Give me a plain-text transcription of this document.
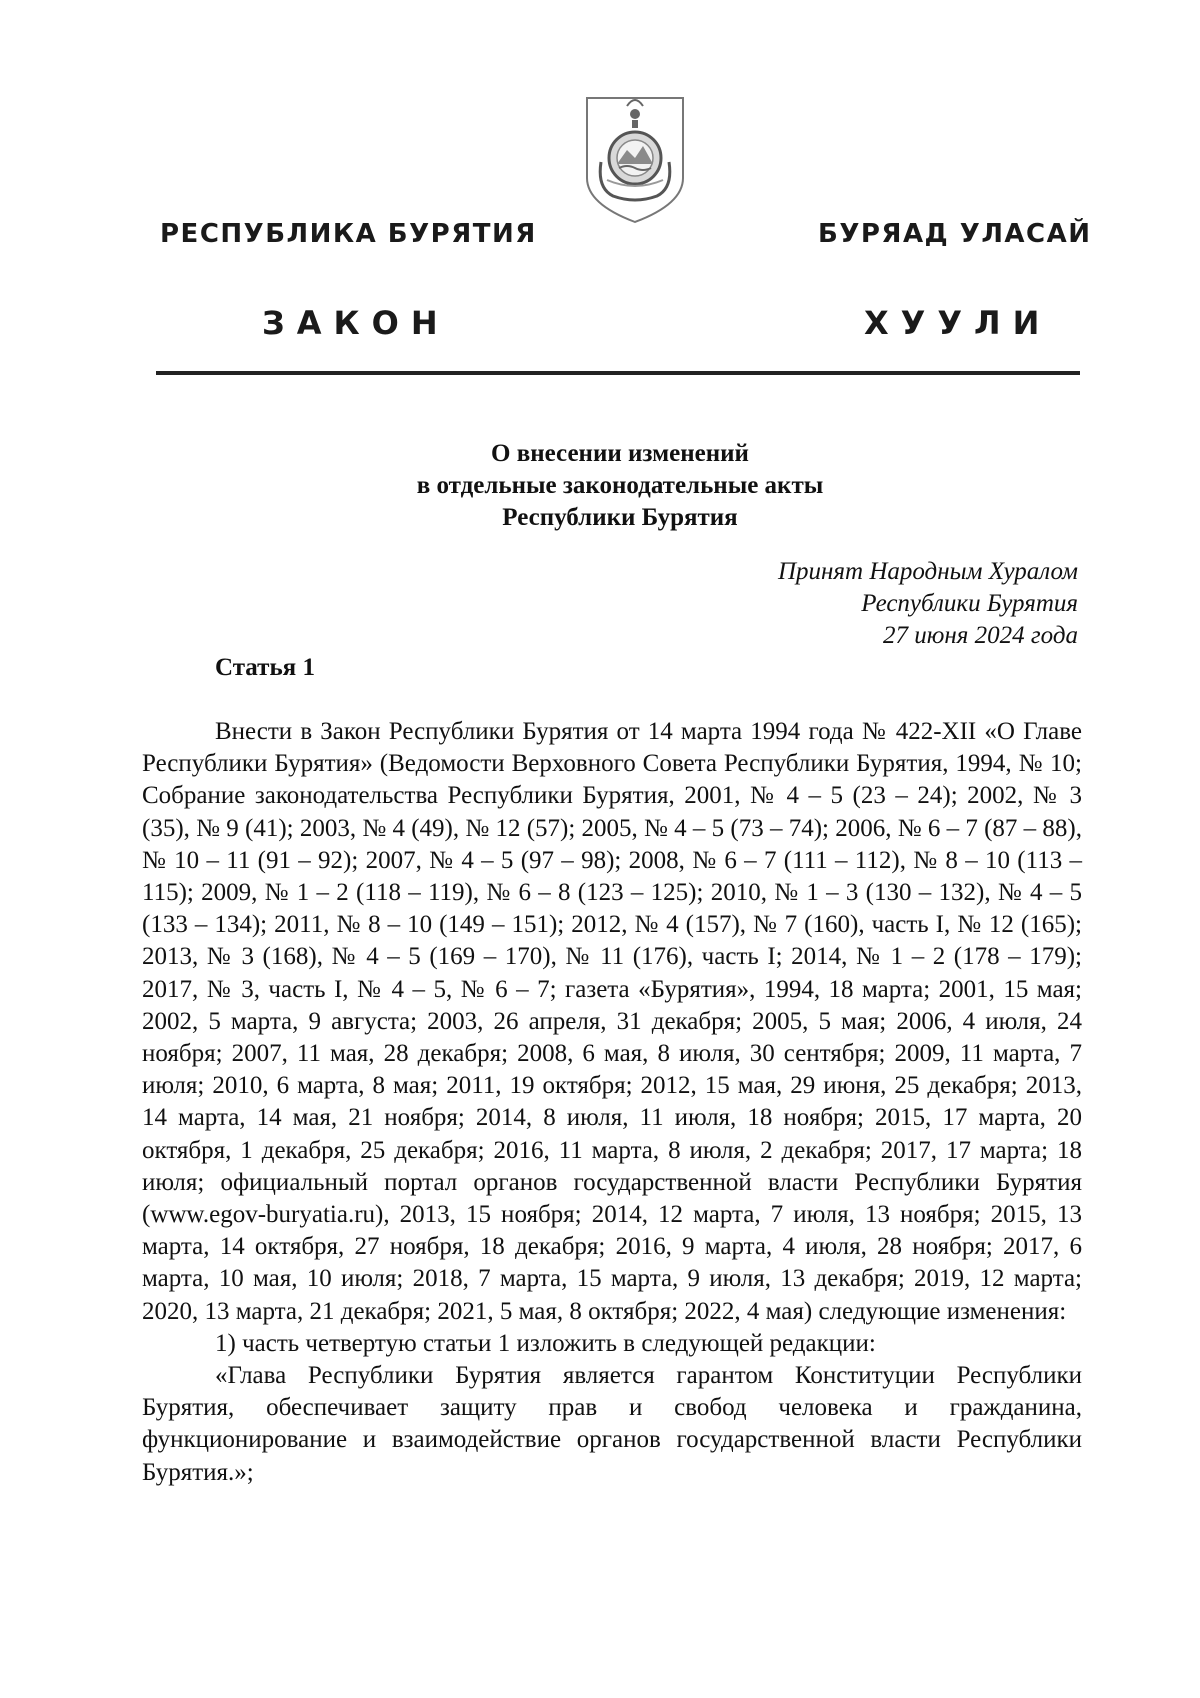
РЕСПУБЛИКА БУРЯТИЯ	БУРЯАД УЛАСАЙ
ЗАКОН	ХУУЛИ
О внесении изменений
в отдельные законодательные акты
Республики Бурятия
Принят Народным Хуралом
Республики Бурятия
27 июня 2024 года
Статья 1

Внести в Закон Республики Бурятия от 14 марта 1994 года № 422-XII «О Главе Республики Бурятия» (Ведомости Верховного Совета Республики Бурятия, 1994, № 10; Собрание законодательства Республики Бурятия, 2001, № 4 – 5 (23 – 24); 2002, № 3 (35), № 9 (41); 2003, № 4 (49), № 12 (57); 2005, № 4 – 5 (73 – 74); 2006, № 6 – 7 (87 – 88), № 10 – 11 (91 – 92); 2007, № 4 – 5 (97 – 98); 2008, № 6 – 7 (111 – 112), № 8 – 10 (113 – 115); 2009, № 1 – 2 (118 – 119), № 6 – 8 (123 – 125); 2010, № 1 – 3 (130 – 132), № 4 – 5 (133 – 134); 2011, № 8 – 10 (149 – 151); 2012, № 4 (157), № 7 (160), часть I, № 12 (165); 2013, № 3 (168), № 4 – 5 (169 – 170), № 11 (176), часть I; 2014, № 1 – 2 (178 – 179); 2017, № 3, часть I, № 4 – 5, № 6 – 7; газета «Бурятия», 1994, 18 марта; 2001, 15 мая; 2002, 5 марта, 9 августа; 2003, 26 апреля, 31 декабря; 2005, 5 мая; 2006, 4 июля, 24 ноября; 2007, 11 мая, 28 декабря; 2008, 6 мая, 8 июля, 30 сентября; 2009, 11 марта, 7 июля; 2010, 6 марта, 8 мая; 2011, 19 октября; 2012, 15 мая, 29 июня, 25 декабря; 2013, 14 марта, 14 мая, 21 ноября; 2014, 8 июля, 11 июля, 18 ноября; 2015, 17 марта, 20 октября, 1 декабря, 25 декабря; 2016, 11 марта, 8 июля, 2 декабря; 2017, 17 марта; 18 июля; официальный портал органов государственной власти Республики Бурятия (www.egov-buryatia.ru), 2013, 15 ноября; 2014, 12 марта, 7 июля, 13 ноября; 2015, 13 марта, 14 октября, 27 ноября, 18 декабря; 2016, 9 марта, 4 июля, 28 ноября; 2017, 6 марта, 10 мая, 10 июля; 2018, 7 марта, 15 марта, 9 июля, 13 декабря; 2019, 12 марта; 2020, 13 марта, 21 декабря; 2021, 5 мая, 8 октября; 2022, 4 мая) следующие изменения:

1) часть четвертую статьи 1 изложить в следующей редакции:

«Глава Республики Бурятия является гарантом Конституции Республики Бурятия, обеспечивает защиту прав и свобод человека и гражданина, функционирование и взаимодействие органов государственной власти Республики Бурятия.»;
